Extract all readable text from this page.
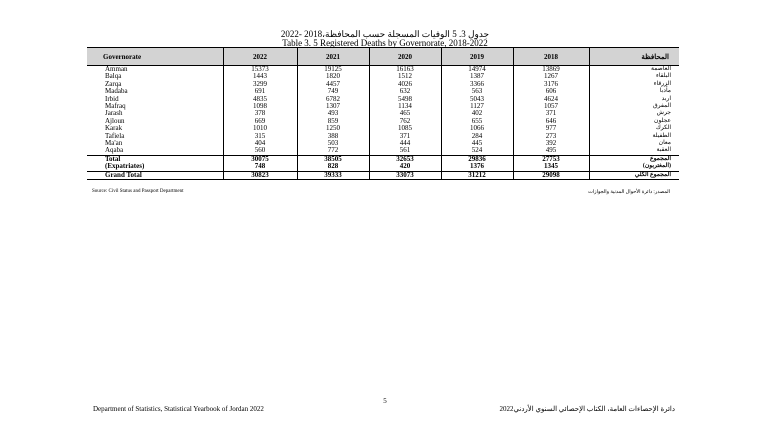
جدول 3. 5 الوفيات المسجلة حسب المحافظة،2018 -2022
Table 3. 5 Registered Deaths by Governorate, 2018-2022
Governorate	2022	2021	2020	2019	2018	المحافظة
Amman	15373	19125	16163	14974	13869	العاصمة
Balqa	1443	1820	1512	1387	1267	البلقاء
Zarqa	3299	4457	4026	3366	3176	الزرقاء
Madaba	691	749	632	563	606	مأدبا
Irbid	4835	6782	5498	5043	4624	اربد
Mafraq	1098	1307	1134	1127	1057	المفرق
Jarash	378	493	465	402	371	جرش
Ajloun	669	859	762	655	646	عجلون
Karak	1010	1250	1085	1066	977	الكرك
Tafiela	315	388	371	284	273	الطفيلة
Ma'an	404	503	444	445	392	معان
Aqaba	560	772	561	524	495	العقبة
Total	30075	38505	32653	29836	27753	المجموع
(Expatriates)	748	828	420	1376	1345	(المغتربون)
Grand Total	30823	39333	33073	31212	29098	المجموع الكلي
Source: Civil Status and Passport Department	المصدر: دائرة الأحوال المدنية والجوازات
5
Department of Statistics, Statistical Yearbook of Jordan 2022	دائرة الإحصاءات العامة، الكتاب الإحصائي السنوي الأردني2022
